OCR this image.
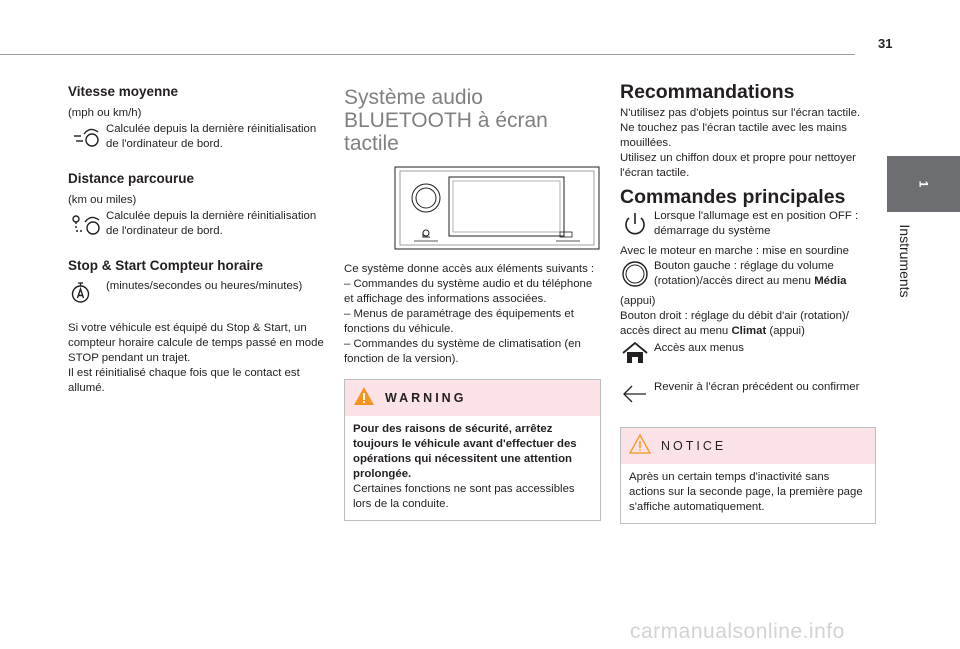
31
1
Instruments
Vitesse moyenne

(mph ou km/h)

Calculée depuis la dernière réinitialisation de l'ordinateur de bord.

Distance parcourue

(km ou miles)

Calculée depuis la dernière réinitialisation de l'ordinateur de bord.

Stop & Start Compteur horaire

(minutes/secondes ou heures/minutes)

Si votre véhicule est équipé du Stop & Start, un compteur horaire calcule de temps passé en mode STOP pendant un trajet.

Il est réinitialisé chaque fois que le contact est allumé.

Système audio
BLUETOOTH à écran
tactile

Ce système donne accès aux éléments suivants :

– Commandes du système audio et du téléphone et affichage des informations associées.

– Menus de paramétrage des équipements et fonctions du véhicule.

– Commandes du système de climatisation (en fonction de la version).

WARNING

Pour des raisons de sécurité, arrêtez toujours le véhicule avant d'effectuer des opérations qui nécessitent une attention prolongée.

Certaines fonctions ne sont pas accessibles lors de la conduite.

Recommandations

N'utilisez pas d'objets pointus sur l'écran tactile.

Ne touchez pas l'écran tactile avec les mains mouillées.

Utilisez un chiffon doux et propre pour nettoyer l'écran tactile.

Commandes principales

Lorsque l'allumage est en position OFF : démarrage du système

Avec le moteur en marche : mise en sourdine

Bouton gauche : réglage du volume (rotation)/accès direct au menu Média

(appui)

Bouton droit : réglage du débit d'air (rotation)/ accès direct au menu Climat (appui)

Accès aux menus

Revenir à l'écran précédent ou confirmer

NOTICE

Après un certain temps d'inactivité sans actions sur la seconde page, la première page s'affiche automatiquement.

carmanualsonline.info
